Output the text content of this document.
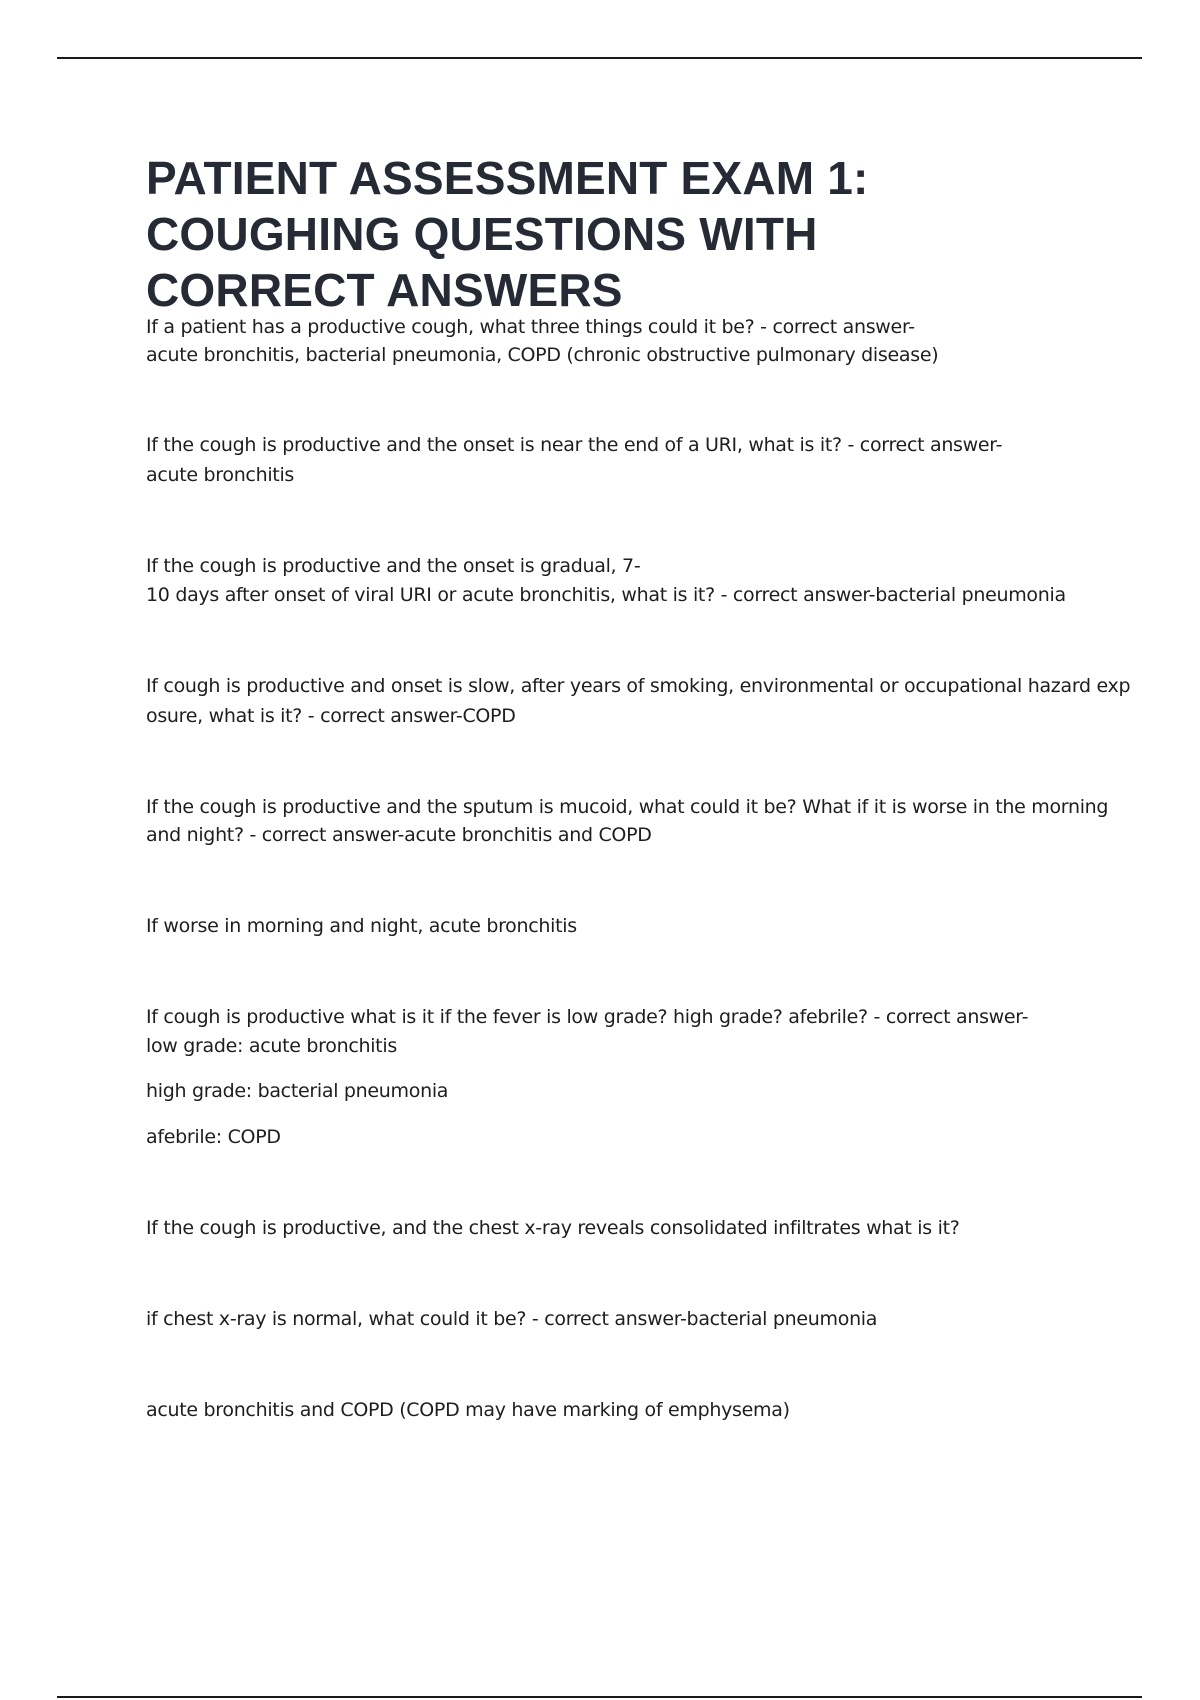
PATIENT ASSESSMENT EXAM 1:
COUGHING QUESTIONS WITH
CORRECT ANSWERS

If a patient has a productive cough, what three things could it be? - correct answer-

acute bronchitis, bacterial pneumonia, COPD (chronic obstructive pulmonary disease)

If the cough is productive and the onset is near the end of a URI, what is it? - correct answer-

acute bronchitis

If the cough is productive and the onset is gradual, 7-

10 days after onset of viral URI or acute bronchitis, what is it? - correct answer-bacterial pneumonia

If cough is productive and onset is slow, after years of smoking, environmental or occupational hazard exp

osure, what is it? - correct answer-COPD

If the cough is productive and the sputum is mucoid, what could it be? What if it is worse in the morning

and night? - correct answer-acute bronchitis and COPD

If worse in morning and night, acute bronchitis

If cough is productive what is it if the fever is low grade? high grade? afebrile? - correct answer-

low grade: acute bronchitis

high grade: bacterial pneumonia

afebrile: COPD

If the cough is productive, and the chest x-ray reveals consolidated infiltrates what is it?

if chest x-ray is normal, what could it be? - correct answer-bacterial pneumonia

acute bronchitis and COPD (COPD may have marking of emphysema)
